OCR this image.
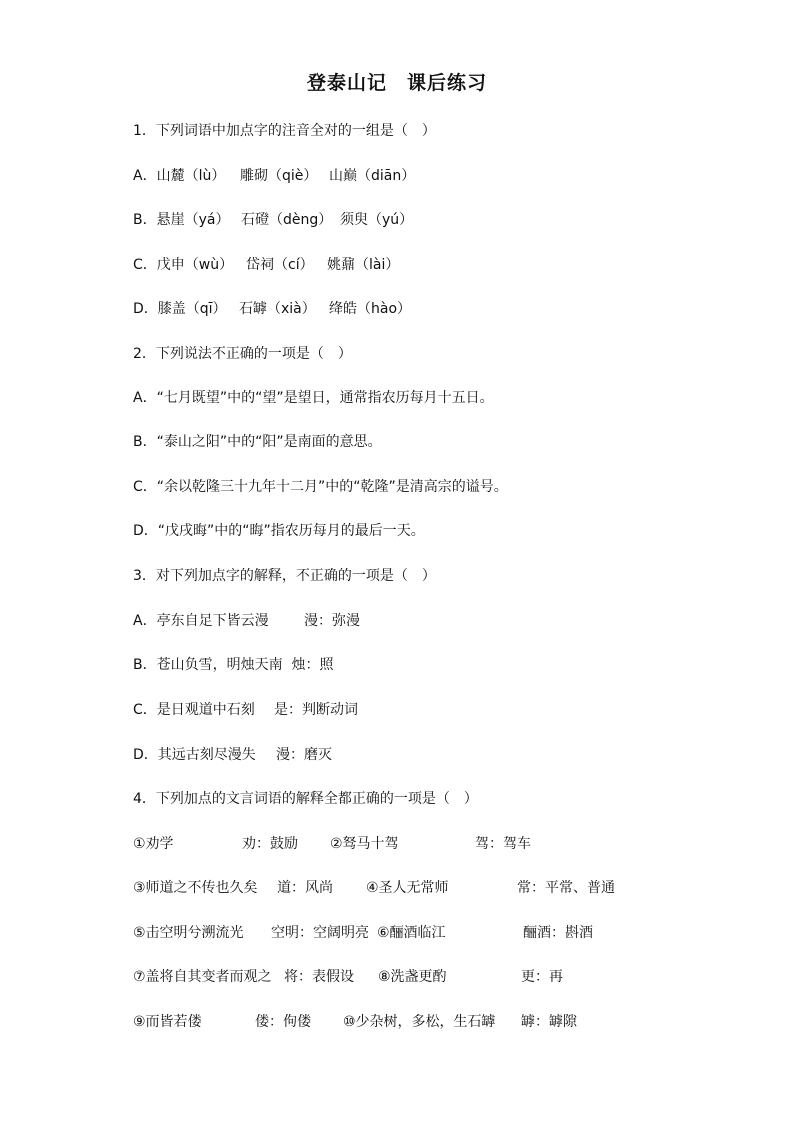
登泰山记　课后练习
1．下列词语中加点字的注音全对的一组是（　）
A．山麓（lù） 雕砌（qiè） 山巅（diān）
B．悬崖（yá） 石磴（dèng） 须臾（yú）
C．戊申（wù） 岱祠（cí） 姚鼐（lài）
D．膝盖（qī） 石罅（xià） 绛皓（hào）
2．下列说法不正确的一项是（　）
A．“七月既望”中的“望”是望日，通常指农历每月十五日。
B．“泰山之阳”中的“阳”是南面的意思。
C．“余以乾隆三十九年十二月”中的“乾隆”是清高宗的谥号。
D．“戊戌晦”中的“晦”指农历每月的最后一天。
3．对下列加点字的解释，不正确的一项是（　）
A．亭东自足下皆云漫	漫：弥漫
B．苍山负雪，明烛天南  烛：照
C．是日观道中石刻 是：判断动词
D．其远古刻尽漫失 漫：磨灭
4．下列加点的文言词语的解释全都正确的一项是（　）
①劝学	劝：鼓励 ②驽马十驾	驾：驾车
③师道之不传也久矣 道：风尚 ④圣人无常师	常：平常、普通
⑤击空明兮溯流光 空明：空阔明亮 ⑥酾酒临江	酾酒：斟酒
⑦盖将自其变者而观之 将：表假设 ⑧洗盏更酌	更：再
⑨而皆若偻	偻：佝偻 ⑩少杂树，多松，生石罅 罅：罅隙
